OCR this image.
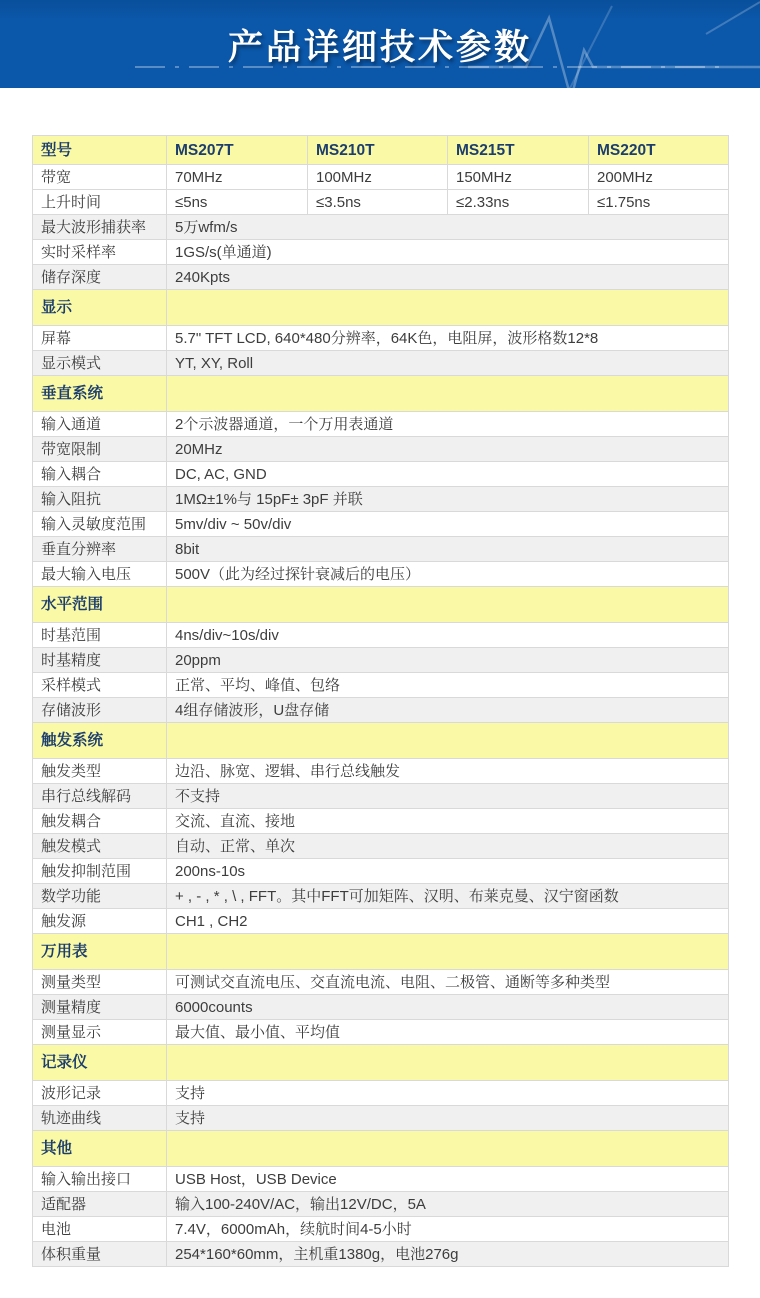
产品详细技术参数
型号	MS207T	MS210T	MS215T	MS220T
带宽	70MHz	100MHz	150MHz	200MHz
上升时间	≤5ns	≤3.5ns	≤2.33ns	≤1.75ns
最大波形捕获率	5万wfm/s			
实时采样率	1GS/s(单通道)			
储存深度	240Kpts			
显示				
屏幕	5.7" TFT LCD, 640*480分辨率，64K色，电阻屏，波形格数12*8			
显示模式	YT, XY, Roll			
垂直系统				
输入通道	2个示波器通道，一个万用表通道			
带宽限制	20MHz			
输入耦合	DC, AC, GND			
输入阻抗	1MΩ±1%与 15pF± 3pF 并联			
输入灵敏度范围	5mv/div ~ 50v/div			
垂直分辨率	8bit			
最大输入电压	500V（此为经过探针衰减后的电压）			
水平范围				
时基范围	4ns/div~10s/div			
时基精度	20ppm			
采样模式	正常、平均、峰值、包络			
存储波形	4组存储波形，U盘存储			
触发系统				
触发类型	边沿、脉宽、逻辑、串行总线触发			
串行总线解码	不支持			
触发耦合	交流、直流、接地			
触发模式	自动、正常、单次			
触发抑制范围	200ns-10s			
数学功能	+ , - , * , \ , FFT。其中FFT可加矩阵、汉明、布莱克曼、汉宁窗函数			
触发源	CH1 , CH2			
万用表				
测量类型	可测试交直流电压、交直流电流、电阻、二极管、通断等多种类型			
测量精度	6000counts			
测量显示	最大值、最小值、平均值			
记录仪				
波形记录	支持			
轨迹曲线	支持			
其他				
输入输出接口	USB Host，USB Device			
适配器	输入100-240V/AC，输出12V/DC，5A			
电池	7.4V，6000mAh，续航时间4-5小时			
体积重量	254*160*60mm，主机重1380g，电池276g			
